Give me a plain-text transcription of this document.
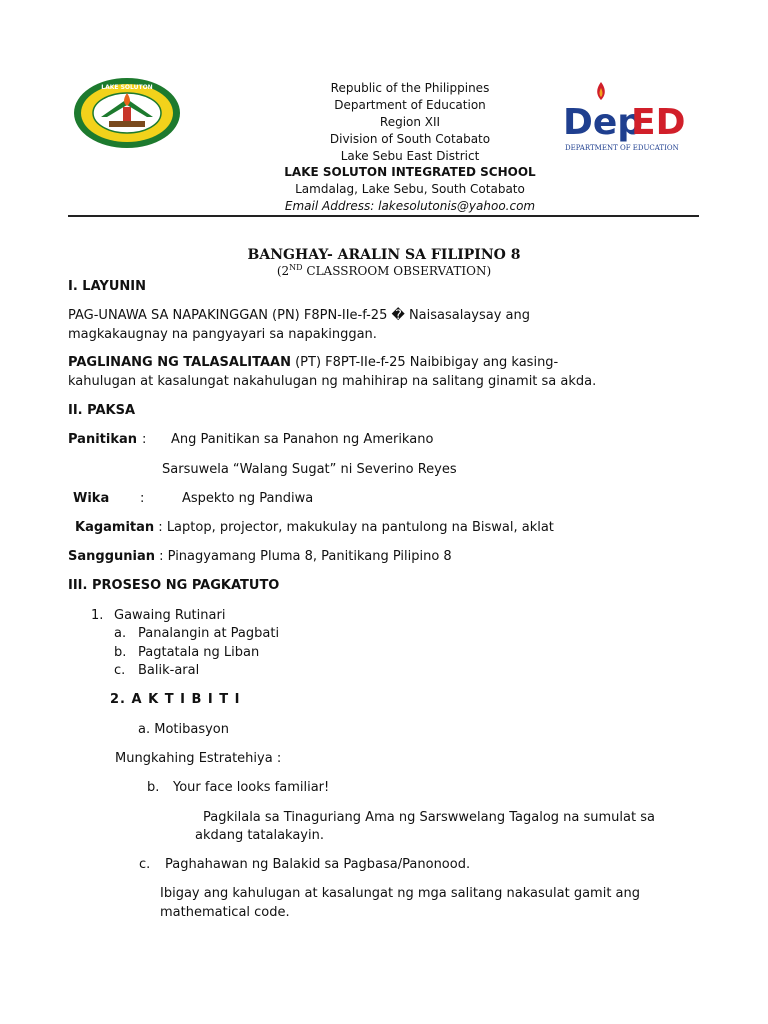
LAKE SOLUTON
Dep
ED
DEPARTMENT OF EDUCATION
Republic of the Philippines
Department of Education
Region XII
Division of South Cotabato
Lake Sebu East District
LAKE SOLUTON INTEGRATED SCHOOL
Lamdalag, Lake Sebu, South Cotabato
Email Address: lakesolutonis@yahoo.com
BANGHAY- ARALIN SA FILIPINO 8
(2ND CLASSROOM OBSERVATION)
I. LAYUNIN
PAG-UNAWA SA NAPAKINGGAN (PN) F8PN-IIe-f-25 � Naisasalaysay ang
magkakaugnay na pangyayari sa napakinggan.
PAGLINANG NG TALASALITAAN (PT) F8PT-IIe-f-25 Naibibigay ang kasing-
kahulugan at kasalungat nakahulugan ng mahihirap na salitang ginamit sa akda.
II. PAKSA
Panitikan : Ang Panitikan sa Panahon ng Amerikano
Sarsuwela “Walang Sugat” ni Severino Reyes
Wika :	Aspekto ng Pandiwa
Kagamitan : Laptop, projector, makukulay na pantulong na Biswal, aklat
Sanggunian : Pinagyamang Pluma 8, Panitikang Pilipino 8
III. PROSESO NG PAGKATUTO
1. Gawaing Rutinari
a. Panalangin at Pagbati
b. Pagtatala ng Liban
c. Balik-aral
2. A K T I B I T I
a. Motibasyon
Mungkahing Estratehiya :
b. Your face looks familiar!
Pagkilala sa Tinaguriang Ama ng Sarswwelang Tagalog na sumulat sa
akdang tatalakayin.
c. Paghahawan ng Balakid sa Pagbasa/Panonood.
Ibigay ang kahulugan at kasalungat ng mga salitang nakasulat gamit ang
mathematical code.
